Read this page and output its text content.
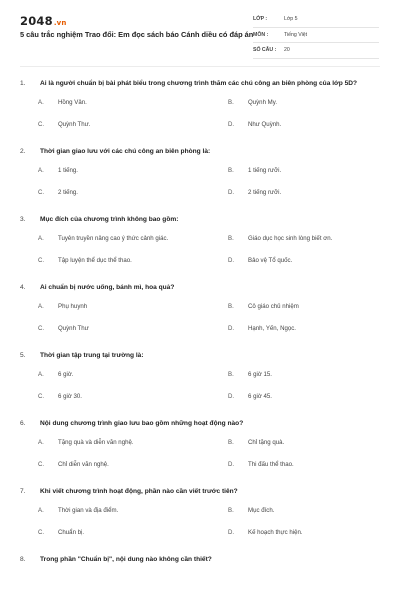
2048.vn
5 câu trắc nghiệm Trao đổi: Em đọc sách báo Cánh diều có đáp án
LỚP :	Lớp 5
MÔN :	Tiếng Việt
SỐ CÂU :	20
1.	Ai là người chuẩn bị bài phát biểu trong chương trình thăm các chú công an biên phòng của lớp 5D?
A.	Hồng Vân.	B.	Quỳnh My.
C.	Quỳnh Thư.	D.	Như Quỳnh.
2.	Thời gian giao lưu với các chú công an biên phòng là:
A.	1 tiếng.	B.	1 tiếng rưỡi.
C.	2 tiếng.	D.	2 tiếng rưỡi.
3.	Mục đích của chương trình không bao gồm:
A.	Tuyên truyền nâng cao ý thức cảnh giác.	B.	Giáo dục học sinh lòng biết ơn.
C.	Tập luyện thể dục thể thao.	D.	Bảo vệ Tổ quốc.
4.	Ai chuẩn bị nước uống, bánh mì, hoa quả?
A.	Phụ huynh	B.	Cô giáo chủ nhiệm
C.	Quỳnh Thư	D.	Hạnh, Yến, Ngọc.
5.	Thời gian tập trung tại trường là:
A.	6 giờ.	B.	6 giờ 15.
C.	6 giờ 30.	D.	6 giờ 45.
6.	Nội dung chương trình giao lưu bao gồm những hoạt động nào?
A.	Tặng quà và diễn văn nghệ.	B.	Chỉ tặng quà.
C.	Chỉ diễn văn nghệ.	D.	Thi đấu thể thao.
7.	Khi viết chương trình hoạt động, phần nào cần viết trước tiên?
A.	Thời gian và địa điểm.	B.	Mục đích.
C.	Chuẩn bị.	D.	Kế hoạch thực hiện.
8.	Trong phần "Chuẩn bị", nội dung nào không cần thiết?
